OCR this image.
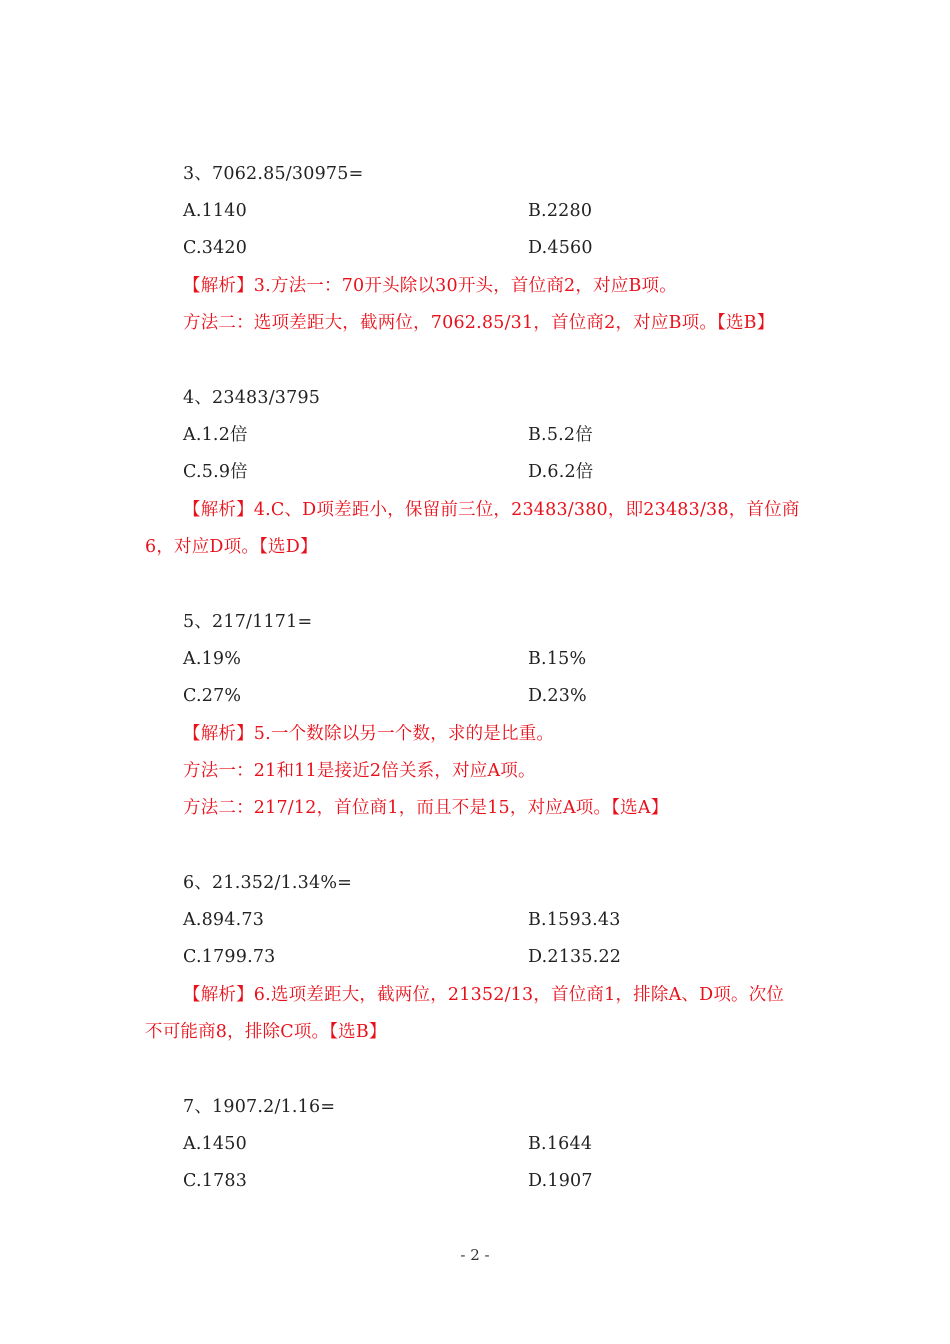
3、7062.85/30975=
A.1140	B.2280
C.3420	D.4560
【解析】3.方法一：70开头除以30开头，首位商2，对应B项。
方法二：选项差距大，截两位，7062.85/31，首位商2，对应B项。【选B】
4、23483/3795
A.1.2倍	B.5.2倍
C.5.9倍	D.6.2倍
【解析】4.C、D项差距小，保留前三位，23483/380，即23483/38，首位商
6，对应D项。【选D】
5、217/1171=
A.19%	B.15%
C.27%	D.23%
【解析】5.一个数除以另一个数，求的是比重。
方法一：21和11是接近2倍关系，对应A项。
方法二：217/12，首位商1，而且不是15，对应A项。【选A】
6、21.352/1.34%=
A.894.73	B.1593.43
C.1799.73	D.2135.22
【解析】6.选项差距大，截两位，21352/13，首位商1，排除A、D项。次位
不可能商8，排除C项。【选B】
7、1907.2/1.16=
A.1450	B.1644
C.1783	D.1907
- 2 -
